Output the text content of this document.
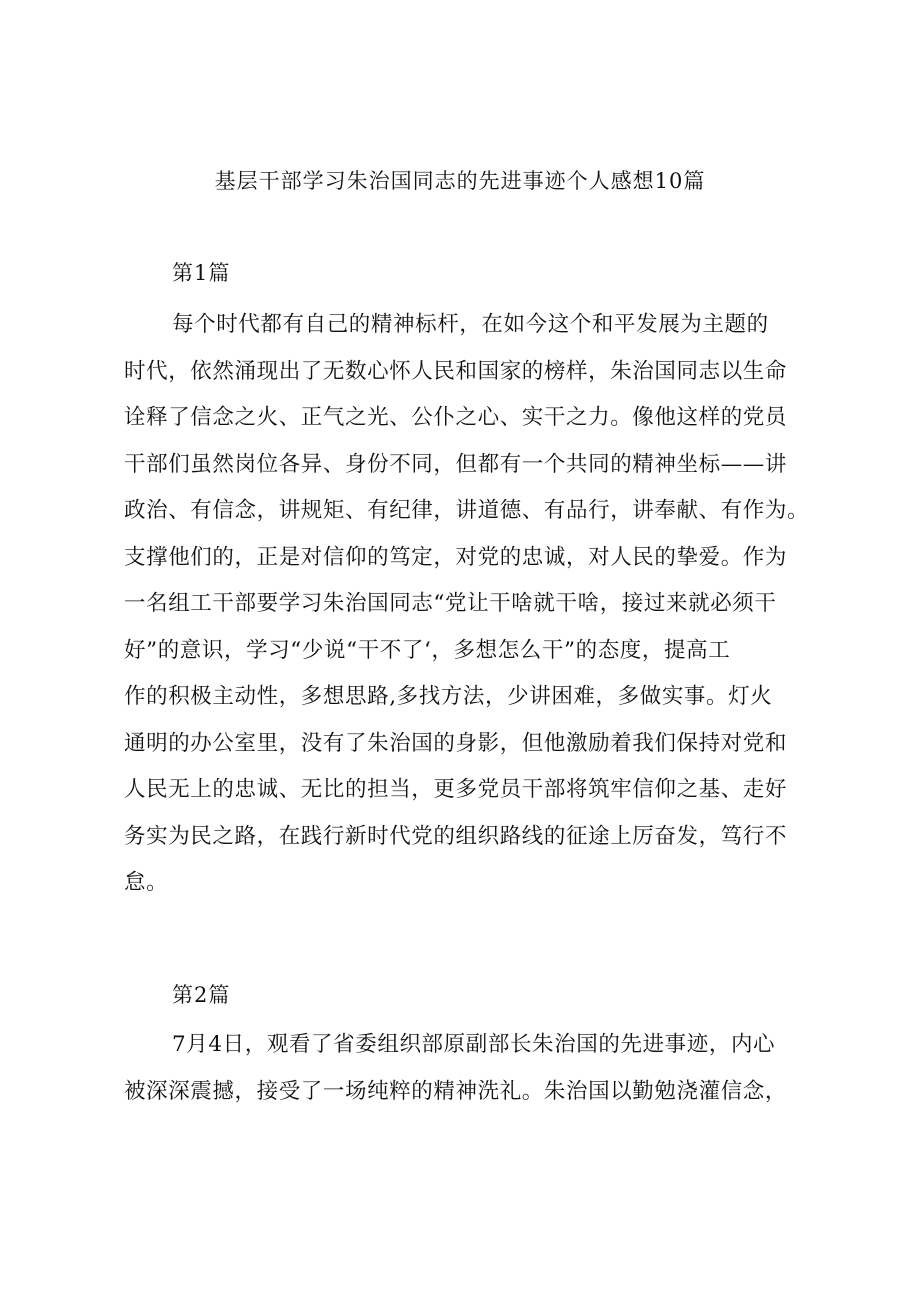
基层干部学习朱治国同志的先进事迹个人感想10篇
第1篇
每个时代都有自己的精神标杆，在如今这个和平发展为主题的
时代，依然涌现出了无数心怀人民和国家的榜样，朱治国同志以生命
诠释了信念之火、正气之光、公仆之心、实干之力。像他这样的党员
干部们虽然岗位各异、身份不同，但都有一个共同的精神坐标——讲
政治、有信念，讲规矩、有纪律，讲道德、有品行，讲奉献、有作为。
支撑他们的，正是对信仰的笃定，对党的忠诚，对人民的挚爱。作为
一名组工干部要学习朱治国同志“党让干啥就干啥，接过来就必须干
好”的意识，学习“少说“干不了‘，多想怎么干”的态度，提高工
作的积极主动性，多想思路,多找方法，少讲困难，多做实事。灯火
通明的办公室里，没有了朱治国的身影，但他激励着我们保持对党和
人民无上的忠诚、无比的担当，更多党员干部将筑牢信仰之基、走好
务实为民之路，在践行新时代党的组织路线的征途上厉奋发，笃行不
怠。
第2篇
7月4日，观看了省委组织部原副部长朱治国的先进事迹，内心
被深深震撼，接受了一场纯粹的精神洗礼。朱治国以勤勉浇灌信念，
